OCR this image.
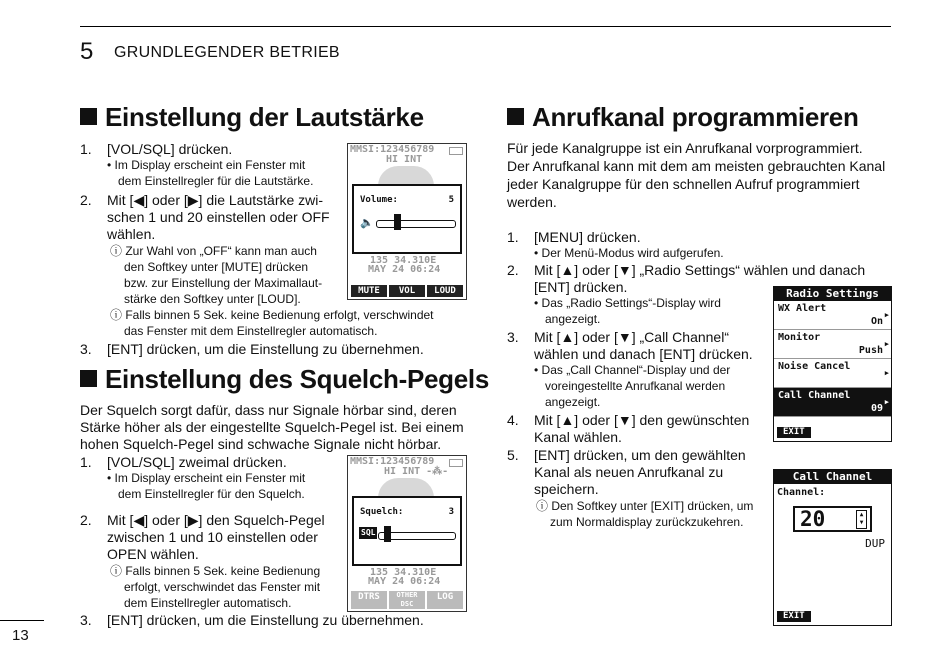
5 GRUNDLEGENDER BETRIEB
Einstellung der Lautstärke
1. [VOL/SQL] drücken.
• Im Display erscheint ein Fenster mit
dem Einstellregler für die Lautstärke.
2. Mit [◀] oder [▶] die Lautstärke zwi-
schen 1 und 20 einstellen oder OFF
wählen.
ⓘ Zur Wahl von „OFF“ kann man auch
den Softkey unter [MUTE] drücken
bzw. zur Einstellung der Maximallaut-
stärke den Softkey unter [LOUD].
ⓘ Falls binnen 5 Sek. keine Bedienung erfolgt, verschwindet
das Fenster mit dem Einstellregler automatisch.
3. [ENT] drücken, um die Einstellung zu übernehmen.
MMSI:123456789
HI INT
Volume:	5
🔈
135 34.310E
MAY 24 06:24
MUTE	VOL	LOUD
Einstellung des Squelch-Pegels
Der Squelch sorgt dafür, dass nur Signale hörbar sind, deren
Stärke höher als der eingestellte Squelch-Pegel ist. Bei einem
hohen Squelch-Pegel sind schwache Signale nicht hörbar.
1. [VOL/SQL] zweimal drücken.
• Im Display erscheint ein Fenster mit
dem Einstellregler für den Squelch.
2. Mit [◀] oder [▶] den Squelch-Pegel
zwischen 1 und 10 einstellen oder
OPEN wählen.
ⓘ Falls binnen 5 Sek. keine Bedienung
erfolgt, verschwindet das Fenster mit
dem Einstellregler automatisch.
3. [ENT] drücken, um die Einstellung zu übernehmen.
MMSI:123456789
HI INT -⁂-
Squelch:	3
SQL
135 34.310E
MAY 24 06:24
DTRS	OTHER DSC
LOG
Anrufkanal programmieren
Für jede Kanalgruppe ist ein Anrufkanal vorprogrammiert.
Der Anrufkanal kann mit dem am meisten gebrauchten Kanal
jeder Kanalgruppe für den schnellen Aufruf programmiert
werden.
1. [MENU] drücken.
• Der Menü-Modus wird aufgerufen.
2. Mit [▲] oder [▼] „Radio Settings“ wählen und danach
[ENT] drücken.
• Das „Radio Settings“-Display wird
angezeigt.
3. Mit [▲] oder [▼] „Call Channel“
wählen und danach [ENT] drücken.
• Das „Call Channel“-Display und der
voreingestellte Anrufkanal werden
angezeigt.
4. Mit [▲] oder [▼] den gewünschten
Kanal wählen.
5. [ENT] drücken, um den gewählten
Kanal als neuen Anrufkanal zu
speichern.
ⓘ Den Softkey unter [EXIT] drücken, um
zum Normaldisplay zurückzukehren.
Radio Settings
WX Alert
On
▶
Monitor
Push
▶
Noise Cancel
▶
Call Channel
09
▶
EXIT
Call Channel
Channel:
20	▲
▼
DUP
EXIT
13
